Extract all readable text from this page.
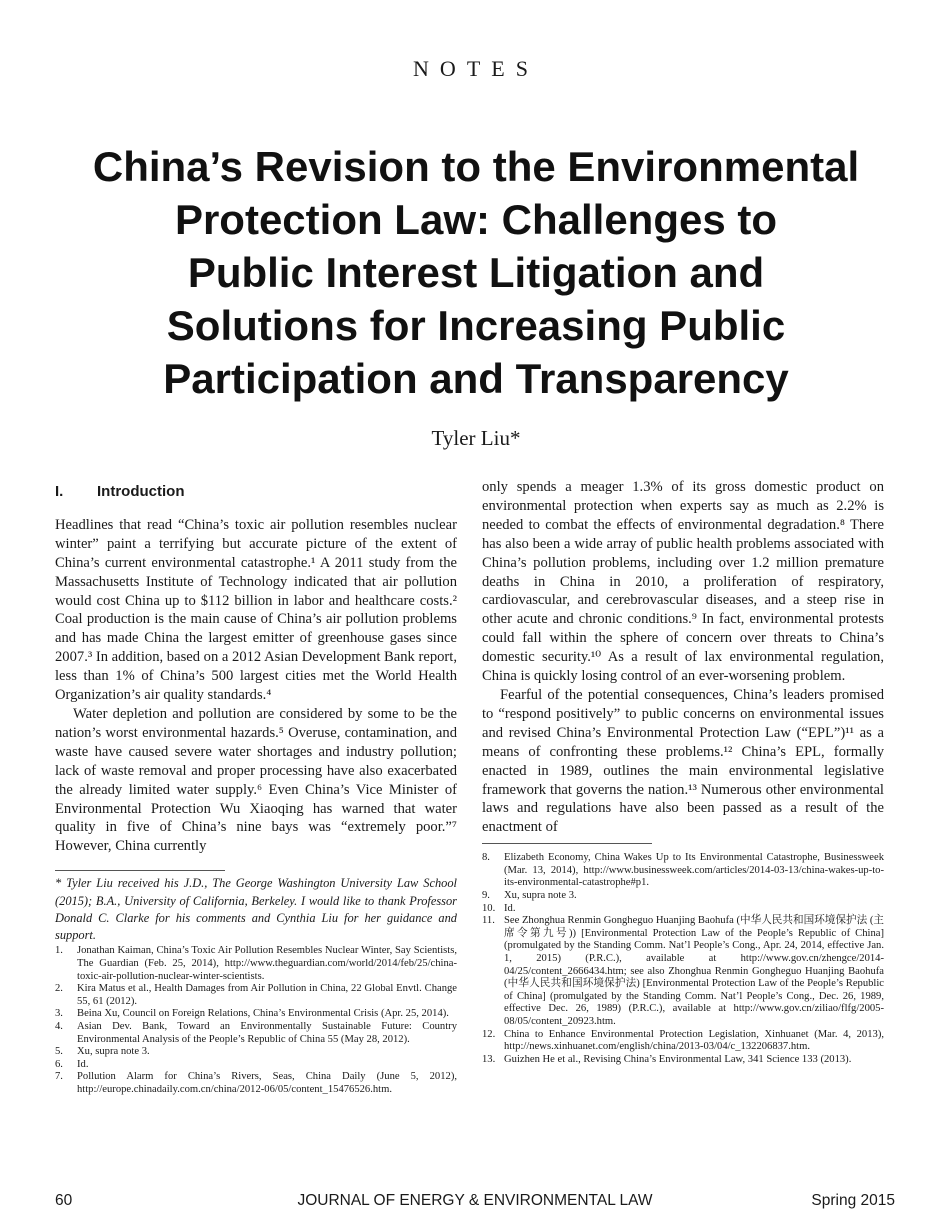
NOTES
China’s Revision to the Environmental
Protection Law: Challenges to
Public Interest Litigation and
Solutions for Increasing Public
Participation and Transparency
Tyler Liu*
I. Introduction

Headlines that read “China’s toxic air pollution resembles nuclear winter” paint a terrifying but accurate picture of the extent of China’s current environmental catastrophe.¹ A 2011 study from the Massachusetts Institute of Technology indicated that air pollution would cost China up to $112 billion in labor and healthcare costs.² Coal production is the main cause of China’s air pollution problems and has made China the largest emitter of greenhouse gases since 2007.³ In addition, based on a 2012 Asian Development Bank report, less than 1% of China’s 500 largest cities met the World Health Organization’s air quality standards.⁴

Water depletion and pollution are considered by some to be the nation’s worst environmental hazards.⁵ Overuse, contamination, and waste have caused severe water shortages and industry pollution; lack of waste removal and proper processing have also exacerbated the already limited water supply.⁶ Even China’s Vice Minister of Environmental Protection Wu Xiaoqing has warned that water quality in five of China’s nine bays was “extremely poor.”⁷ However, China currently

* Tyler Liu received his J.D., The George Washington University Law School (2015); B.A., University of California, Berkeley. I would like to thank Professor Donald C. Clarke for his comments and Cynthia Liu for her guidance and support.
1.	Jonathan Kaiman, China’s Toxic Air Pollution Resembles Nuclear Winter, Say Scientists, The Guardian (Feb. 25, 2014), http://www.theguardian.com/world/2014/feb/25/china-toxic-air-pollution-nuclear-winter-scientists.
2.	Kira Matus et al., Health Damages from Air Pollution in China, 22 Global Envtl. Change 55, 61 (2012).
3.	Beina Xu, Council on Foreign Relations, China’s Environmental Crisis (Apr. 25, 2014).
4.	Asian Dev. Bank, Toward an Environmentally Sustainable Future: Country Environmental Analysis of the People’s Republic of China 55 (May 28, 2012).
5.	Xu, supra note 3.
6.	Id.
7.	Pollution Alarm for China’s Rivers, Seas, China Daily (June 5, 2012), http://europe.chinadaily.com.cn/china/2012-06/05/content_15476526.htm.

only spends a meager 1.3% of its gross domestic product on environmental protection when experts say as much as 2.2% is needed to combat the effects of environmental degradation.⁸ There has also been a wide array of public health problems associated with China’s pollution problems, including over 1.2 million premature deaths in China in 2010, a proliferation of respiratory, cardiovascular, and cerebrovascular diseases, and a steep rise in other acute and chronic conditions.⁹ In fact, environmental protests could fall within the sphere of concern over threats to China’s domestic security.¹⁰ As a result of lax environmental regulation, China is quickly losing control of an ever-worsening problem.

Fearful of the potential consequences, China’s leaders promised to “respond positively” to public concerns on environmental issues and revised China’s Environmental Protection Law (“EPL”)¹¹ as a means of confronting these problems.¹² China’s EPL, formally enacted in 1989, outlines the main environmental legislative framework that governs the nation.¹³ Numerous other environmental laws and regulations have also been passed as a result of the enactment of

8.	Elizabeth Economy, China Wakes Up to Its Environmental Catastrophe, Businessweek (Mar. 13, 2014), http://www.businessweek.com/articles/2014-03-13/china-wakes-up-to-its-environmental-catastrophe#p1.
9.	Xu, supra note 3.
10. Id.
11. See Zhonghua Renmin Gongheguo Huanjing Baohufa (中华人民共和国环境保护法 (主席令第九号)) [Environmental Protection Law of the People’s Republic of China] (promulgated by the Standing Comm. Nat’l People’s Cong., Apr. 24, 2014, effective Jan. 1, 2015) (P.R.C.), available at http://www.gov.cn/zhengce/2014-04/25/content_2666434.htm; see also Zhonghua Renmin Gongheguo Huanjing Baohufa (中华人民共和国环境保护法) [Environmental Protection Law of the People’s Republic of China] (promulgated by the Standing Comm. Nat’l People’s Cong., Dec. 26, 1989, effective Dec. 26, 1989) (P.R.C.), available at http://www.gov.cn/ziliao/flfg/2005-08/05/content_20923.htm.
12. China to Enhance Environmental Protection Legislation, Xinhuanet (Mar. 4, 2013), http://news.xinhuanet.com/english/china/2013-03/04/c_132206837.htm.
13. Guizhen He et al., Revising China’s Environmental Law, 341 Science 133 (2013).
60	JOURNAL OF ENERGY & ENVIRONMENTAL LAW	Spring 2015
